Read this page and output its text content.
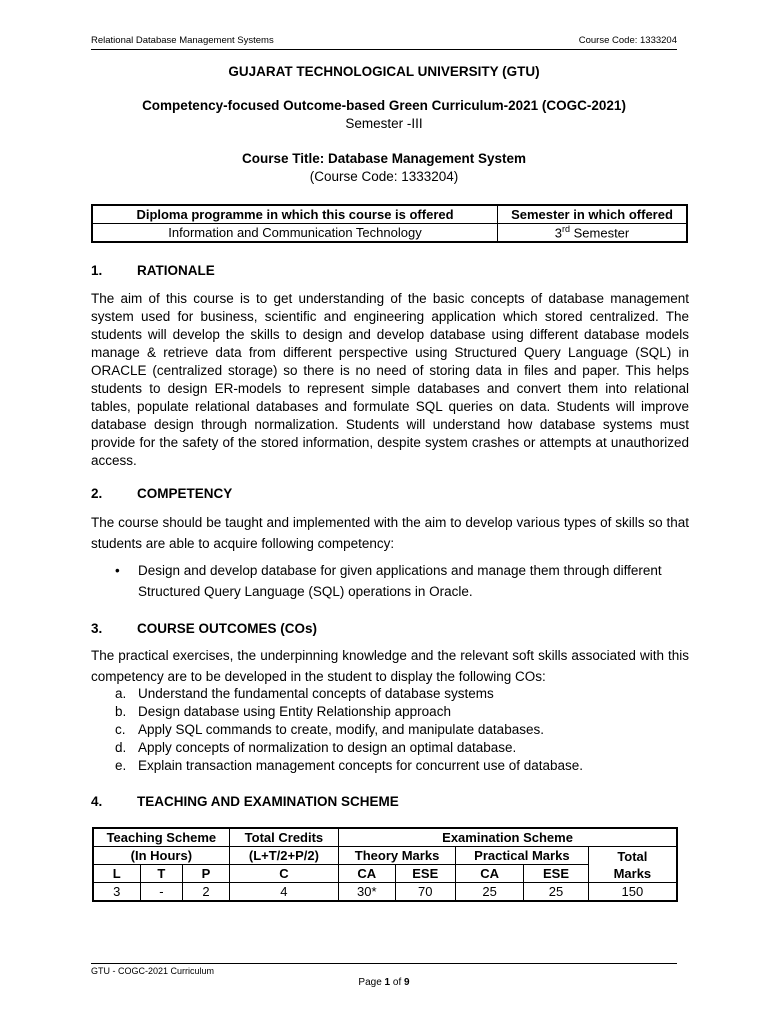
Relational Database Management Systems	Course Code: 1333204
GUJARAT TECHNOLOGICAL UNIVERSITY (GTU)
Competency-focused Outcome-based Green Curriculum-2021 (COGC-2021)
Semester -III
Course Title: Database Management System
(Course Code: 1333204)
Diploma programme in which this course is offered	Semester in which offered
Information and Communication Technology	3rd Semester
1.	RATIONALE
The aim of this course is to get understanding of the basic concepts of database management system used for business, scientific and engineering application which stored centralized. The students will develop the skills to design and develop database using different database models manage & retrieve data from different perspective using Structured Query Language (SQL) in ORACLE (centralized storage) so there is no need of storing data in files and paper. This helps students to design ER-models to represent simple databases and convert them into relational tables, populate relational databases and formulate SQL queries on data. Students will improve database design through normalization. Students will understand how database systems must provide for the safety of the stored information, despite system crashes or attempts at unauthorized access.
2.	COMPETENCY
The course should be taught and implemented with the aim to develop various types of skills so that students are able to acquire following competency:
• Design and develop database for given applications and manage them through different Structured Query Language (SQL) operations in Oracle.
3.	COURSE OUTCOMES (COs)
The practical exercises, the underpinning knowledge and the relevant soft skills associated with this competency are to be developed in the student to display the following COs:
a. Understand the fundamental concepts of database systems
b. Design database using Entity Relationship approach
c. Apply SQL commands to create, modify, and manipulate databases.
d. Apply concepts of normalization to design an optimal database.
e. Explain transaction management concepts for concurrent use of database.
4.	TEACHING AND EXAMINATION SCHEME
Teaching Scheme			Total Credits	Examination Scheme				
(In Hours)			(L+T/2+P/2)	Theory Marks		Practical Marks		Total
Marks
L	T	P	C	CA	ESE	CA	ESE	
3	-	2	4	30*	70	25	25	150
GTU - COGC-2021 Curriculum
Page 1 of 9
